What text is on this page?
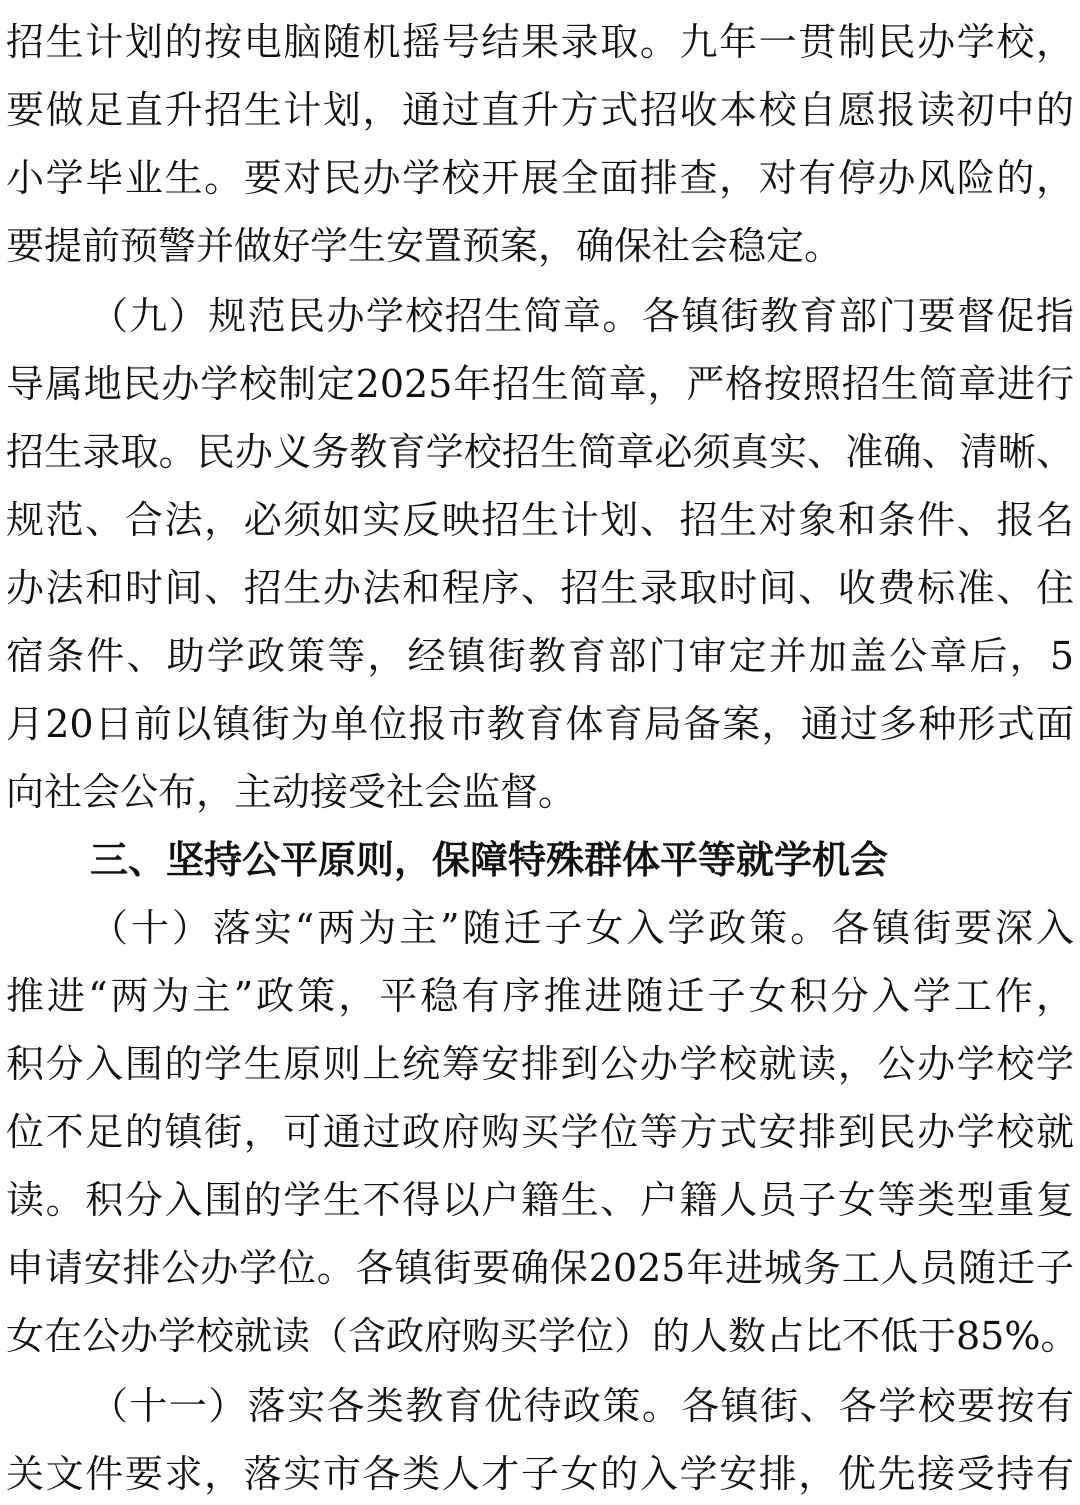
招生计划的按电脑随机摇号结果录取。九年一贯制民办学校，
要做足直升招生计划，通过直升方式招收本校自愿报读初中的
小学毕业生。要对民办学校开展全面排查，对有停办风险的，
要提前预警并做好学生安置预案，确保社会稳定。
（九）规范民办学校招生简章。各镇街教育部门要督促指
导属地民办学校制定2025年招生简章，严格按照招生简章进行
招生录取。民办义务教育学校招生简章必须真实、准确、清晰、
规范、合法，必须如实反映招生计划、招生对象和条件、报名
办法和时间、招生办法和程序、招生录取时间、收费标准、住
宿条件、助学政策等，经镇街教育部门审定并加盖公章后，5
月20日前以镇街为单位报市教育体育局备案，通过多种形式面
向社会公布，主动接受社会监督。
三、坚持公平原则，保障特殊群体平等就学机会
（十）落实“两为主”随迁子女入学政策。各镇街要深入
推进“两为主”政策，平稳有序推进随迁子女积分入学工作，
积分入围的学生原则上统筹安排到公办学校就读，公办学校学
位不足的镇街，可通过政府购买学位等方式安排到民办学校就
读。积分入围的学生不得以户籍生、户籍人员子女等类型重复
申请安排公办学位。各镇街要确保2025年进城务工人员随迁子
女在公办学校就读（含政府购买学位）的人数占比不低于85%。
（十一）落实各类教育优待政策。各镇街、各学校要按有
关文件要求，落实市各类人才子女的入学安排，优先接受持有
